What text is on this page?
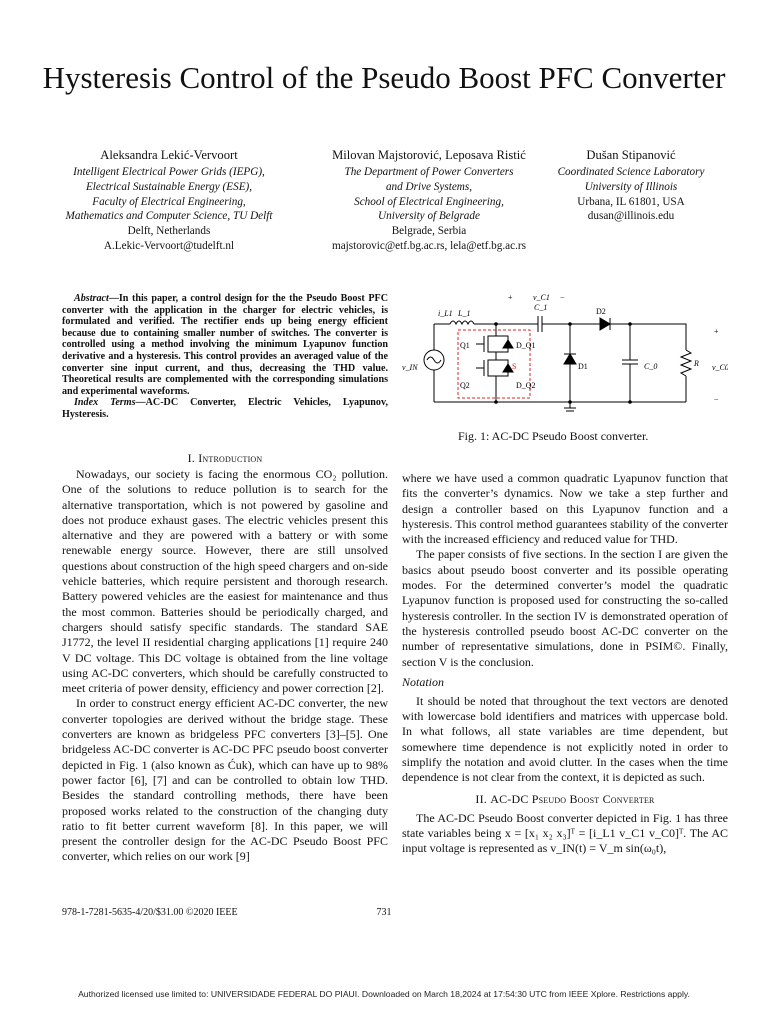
Hysteresis Control of the Pseudo Boost PFC Converter
Aleksandra Lekić-Vervoort
Intelligent Electrical Power Grids (IEPG),
Electrical Sustainable Energy (ESE),
Faculty of Electrical Engineering,
Mathematics and Computer Science, TU Delft
Delft, Netherlands
A.Lekic-Vervoort@tudelft.nl
Milovan Majstorović, Leposava Ristić
The Department of Power Converters
and Drive Systems,
School of Electrical Engineering,
University of Belgrade
Belgrade, Serbia
majstorovic@etf.bg.ac.rs, lela@etf.bg.ac.rs
Dušan Stipanović
Coordinated Science Laboratory
University of Illinois
Urbana, IL 61801, USA
dusan@illinois.edu
Abstract—In this paper, a control design for the the Pseudo Boost PFC converter with the application in the charger for electric vehicles, is formulated and verified. The rectifier ends up being energy efficient because due to containing smaller number of switches. The converter is controlled using a method involving the minimum Lyapunov function derivative and a hysteresis. This control provides an averaged value of the converter sine input current, and thus, decreasing the THD value. Theoretical results are complemented with the corresponding simulations and experimental waveforms.
Index Terms—AC-DC Converter, Electric Vehicles, Lyapunov, Hysteresis.
I. Introduction

Nowadays, our society is facing the enormous CO₂ pollution. One of the solutions to reduce pollution is to search for the alternative transportation, which is not powered by gasoline and does not produce exhaust gases. The electric vehicles present this alternative and they are powered with a battery or with some renewable energy source. However, there are still unsolved questions about construction of the high speed chargers and on-side vehicle batteries, which require persistent and thorough research. Battery powered vehicles are the easiest for maintenance and thus the most common. Batteries should be periodically charged, and chargers should satisfy specific standards. The standard SAE J1772, the level II residential charging applications [1] require 240 V DC voltage. This DC voltage is obtained from the line voltage using AC-DC converters, which should be carefully constructed to meet criteria of power density, efficiency and power correction [2].

In order to construct energy efficient AC-DC converter, the new converter topologies are derived without the bridge stage. These converters are known as bridgeless PFC converters [3]–[5]. One bridgeless AC-DC converter is AC-DC PFC pseudo boost converter depicted in Fig. 1 (also known as Ćuk), which can have up to 98% power factor [6], [7] and can be controlled to obtain low THD. Besides the standard controlling methods, there have been proposed works related to the construction of the changing duty ratio to fit better current waveform [8]. In this paper, we will present the controller design for the AC-DC Pseudo Boost PFC converter, which relies on our work [9]

v_IN
i_L1 L_1
+	v_C1 −
C_1	D2
D1	C_0	R
+
v_C0
−
Q1
Q2
D_Q1
D_Q2
S
Fig. 1: AC-DC Pseudo Boost converter.

where we have used a common quadratic Lyapunov function that fits the converter’s dynamics. Now we take a step further and design a controller based on this Lyapunov function and a hysteresis. This control method guarantees stability of the converter with the increased efficiency and reduced value for THD.

The paper consists of five sections. In the section I are given the basics about pseudo boost converter and its possible operating modes. For the determined converter’s model the quadratic Lyapunov function is proposed used for constructing the so-called hysteresis controller. In the section IV is demonstrated operation of the hysteresis controlled pseudo boost AC-DC converter on the number of representative simulations, done in PSIM©. Finally, section V is the conclusion.

Notation

It should be noted that throughout the text vectors are denoted with lowercase bold identifiers and matrices with uppercase bold. In what follows, all state variables are time dependent, but somewhere time dependence is not explicitly noted in order to simplify the notation and avoid clutter. In the cases when the time dependence is not clear from the context, it is depicted as such.

II. AC-DC Pseudo Boost Converter

The AC-DC Pseudo Boost converter depicted in Fig. 1 has three state variables being x = [x₁ x₂ x₃]ᵀ = [i_L1 v_C1 v_C0]ᵀ. The AC input voltage is represented as v_IN(t) = V_m sin(ω₀t),

978-1-7281-5635-4/20/$31.00 ©2020 IEEE	731
Authorized licensed use limited to: UNIVERSIDADE FEDERAL DO PIAUI. Downloaded on March 18,2024 at 17:54:30 UTC from IEEE Xplore. Restrictions apply.
